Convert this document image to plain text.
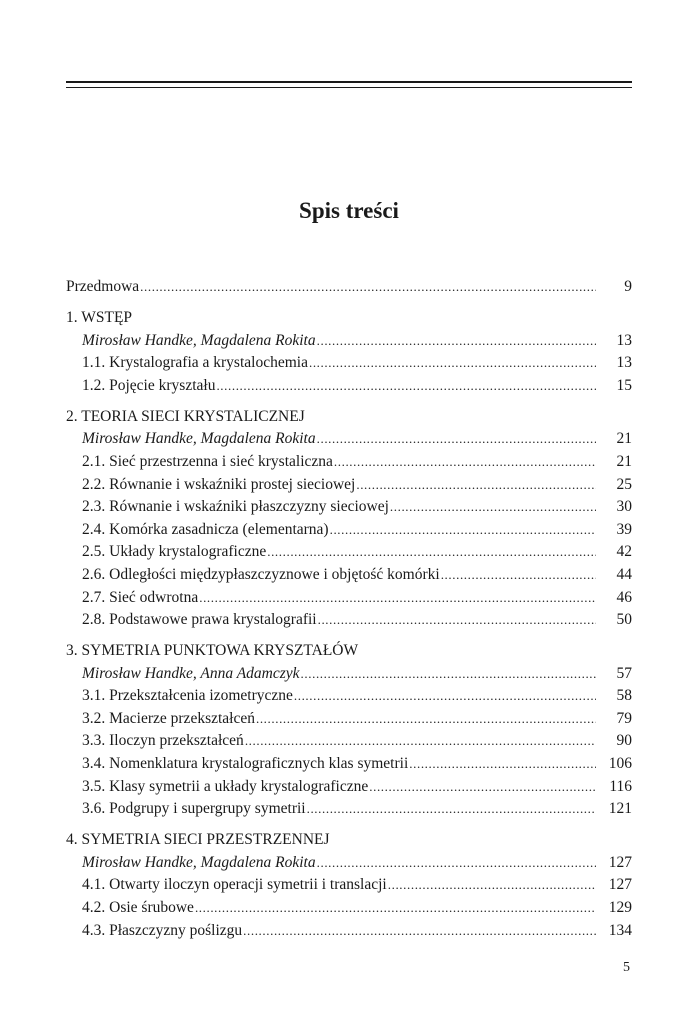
Spis treści
Przedmowa .....	9
1. WSTĘP
Mirosław Handke, Magdalena Rokita .....	13
1.1. Krystalografia a krystalochemia .....	13
1.2. Pojęcie kryształu .....	15
2. TEORIA SIECI KRYSTALICZNEJ
Mirosław Handke, Magdalena Rokita .....	21
2.1. Sieć przestrzenna i sieć krystaliczna .....	21
2.2. Równanie i wskaźniki prostej sieciowej .....	25
2.3. Równanie i wskaźniki płaszczyzny sieciowej .....	30
2.4. Komórka zasadnicza (elementarna) .....	39
2.5. Układy krystalograficzne .....	42
2.6. Odległości międzypłaszczyznowe i objętość komórki .....	44
2.7. Sieć odwrotna .....	46
2.8. Podstawowe prawa krystalografii .....	50
3. SYMETRIA PUNKTOWA KRYSZTAŁÓW
Mirosław Handke, Anna Adamczyk .....	57
3.1. Przekształcenia izometryczne .....	58
3.2. Macierze przekształceń .....	79
3.3. Iloczyn przekształceń .....	90
3.4. Nomenklatura krystalograficznych klas symetrii .....	106
3.5. Klasy symetrii a układy krystalograficzne .....	116
3.6. Podgrupy i supergrupy symetrii .....	121
4. SYMETRIA SIECI PRZESTRZENNEJ
Mirosław Handke, Magdalena Rokita .....	127
4.1. Otwarty iloczyn operacji symetrii i translacji .....	127
4.2. Osie śrubowe .....	129
4.3. Płaszczyzny poślizgu .....	134
5
